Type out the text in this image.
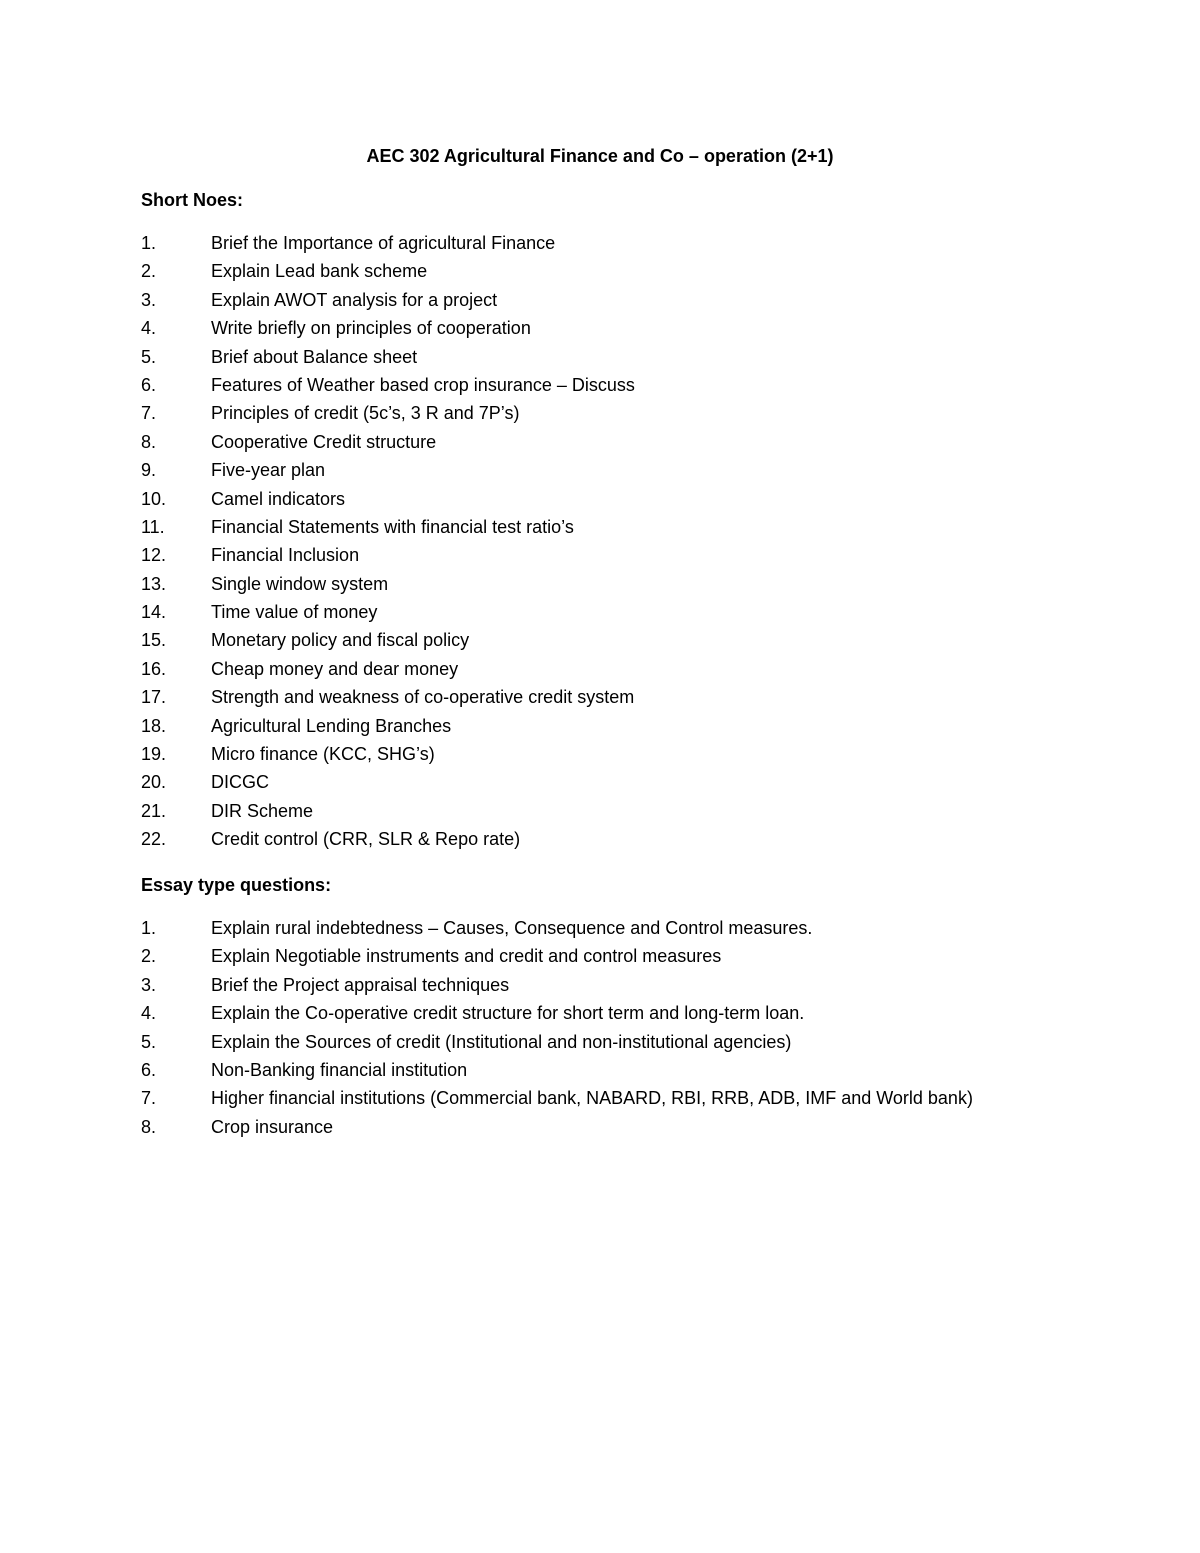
AEC 302 Agricultural Finance and Co – operation (2+1)
Short Noes:
1.	Brief the Importance of agricultural Finance
2.	Explain Lead bank scheme
3.	Explain AWOT analysis for a project
4.	Write briefly on principles of cooperation
5.	Brief about Balance sheet
6.	Features of Weather based crop insurance – Discuss
7.	Principles of credit (5c’s, 3 R and 7P’s)
8.	Cooperative Credit structure
9.	Five-year plan
10.	Camel indicators
11.	Financial Statements with financial test ratio’s
12.	Financial Inclusion
13.	Single window system
14.	Time value of money
15.	Monetary policy and fiscal policy
16.	Cheap money and dear money
17.	Strength and weakness of co-operative credit system
18.	Agricultural Lending Branches
19.	Micro finance (KCC, SHG’s)
20.	DICGC
21.	DIR Scheme
22.	Credit control (CRR, SLR & Repo rate)
Essay type questions:
1.	Explain rural indebtedness – Causes, Consequence and Control measures.
2.	Explain Negotiable instruments and credit and control measures
3.	Brief the Project appraisal techniques
4.	Explain the Co-operative credit structure for short term and long-term loan.
5.	Explain the Sources of credit (Institutional and non-institutional agencies)
6.	Non-Banking financial institution
7.	Higher financial institutions (Commercial bank, NABARD, RBI, RRB, ADB, IMF and World bank)
8.	Crop insurance
